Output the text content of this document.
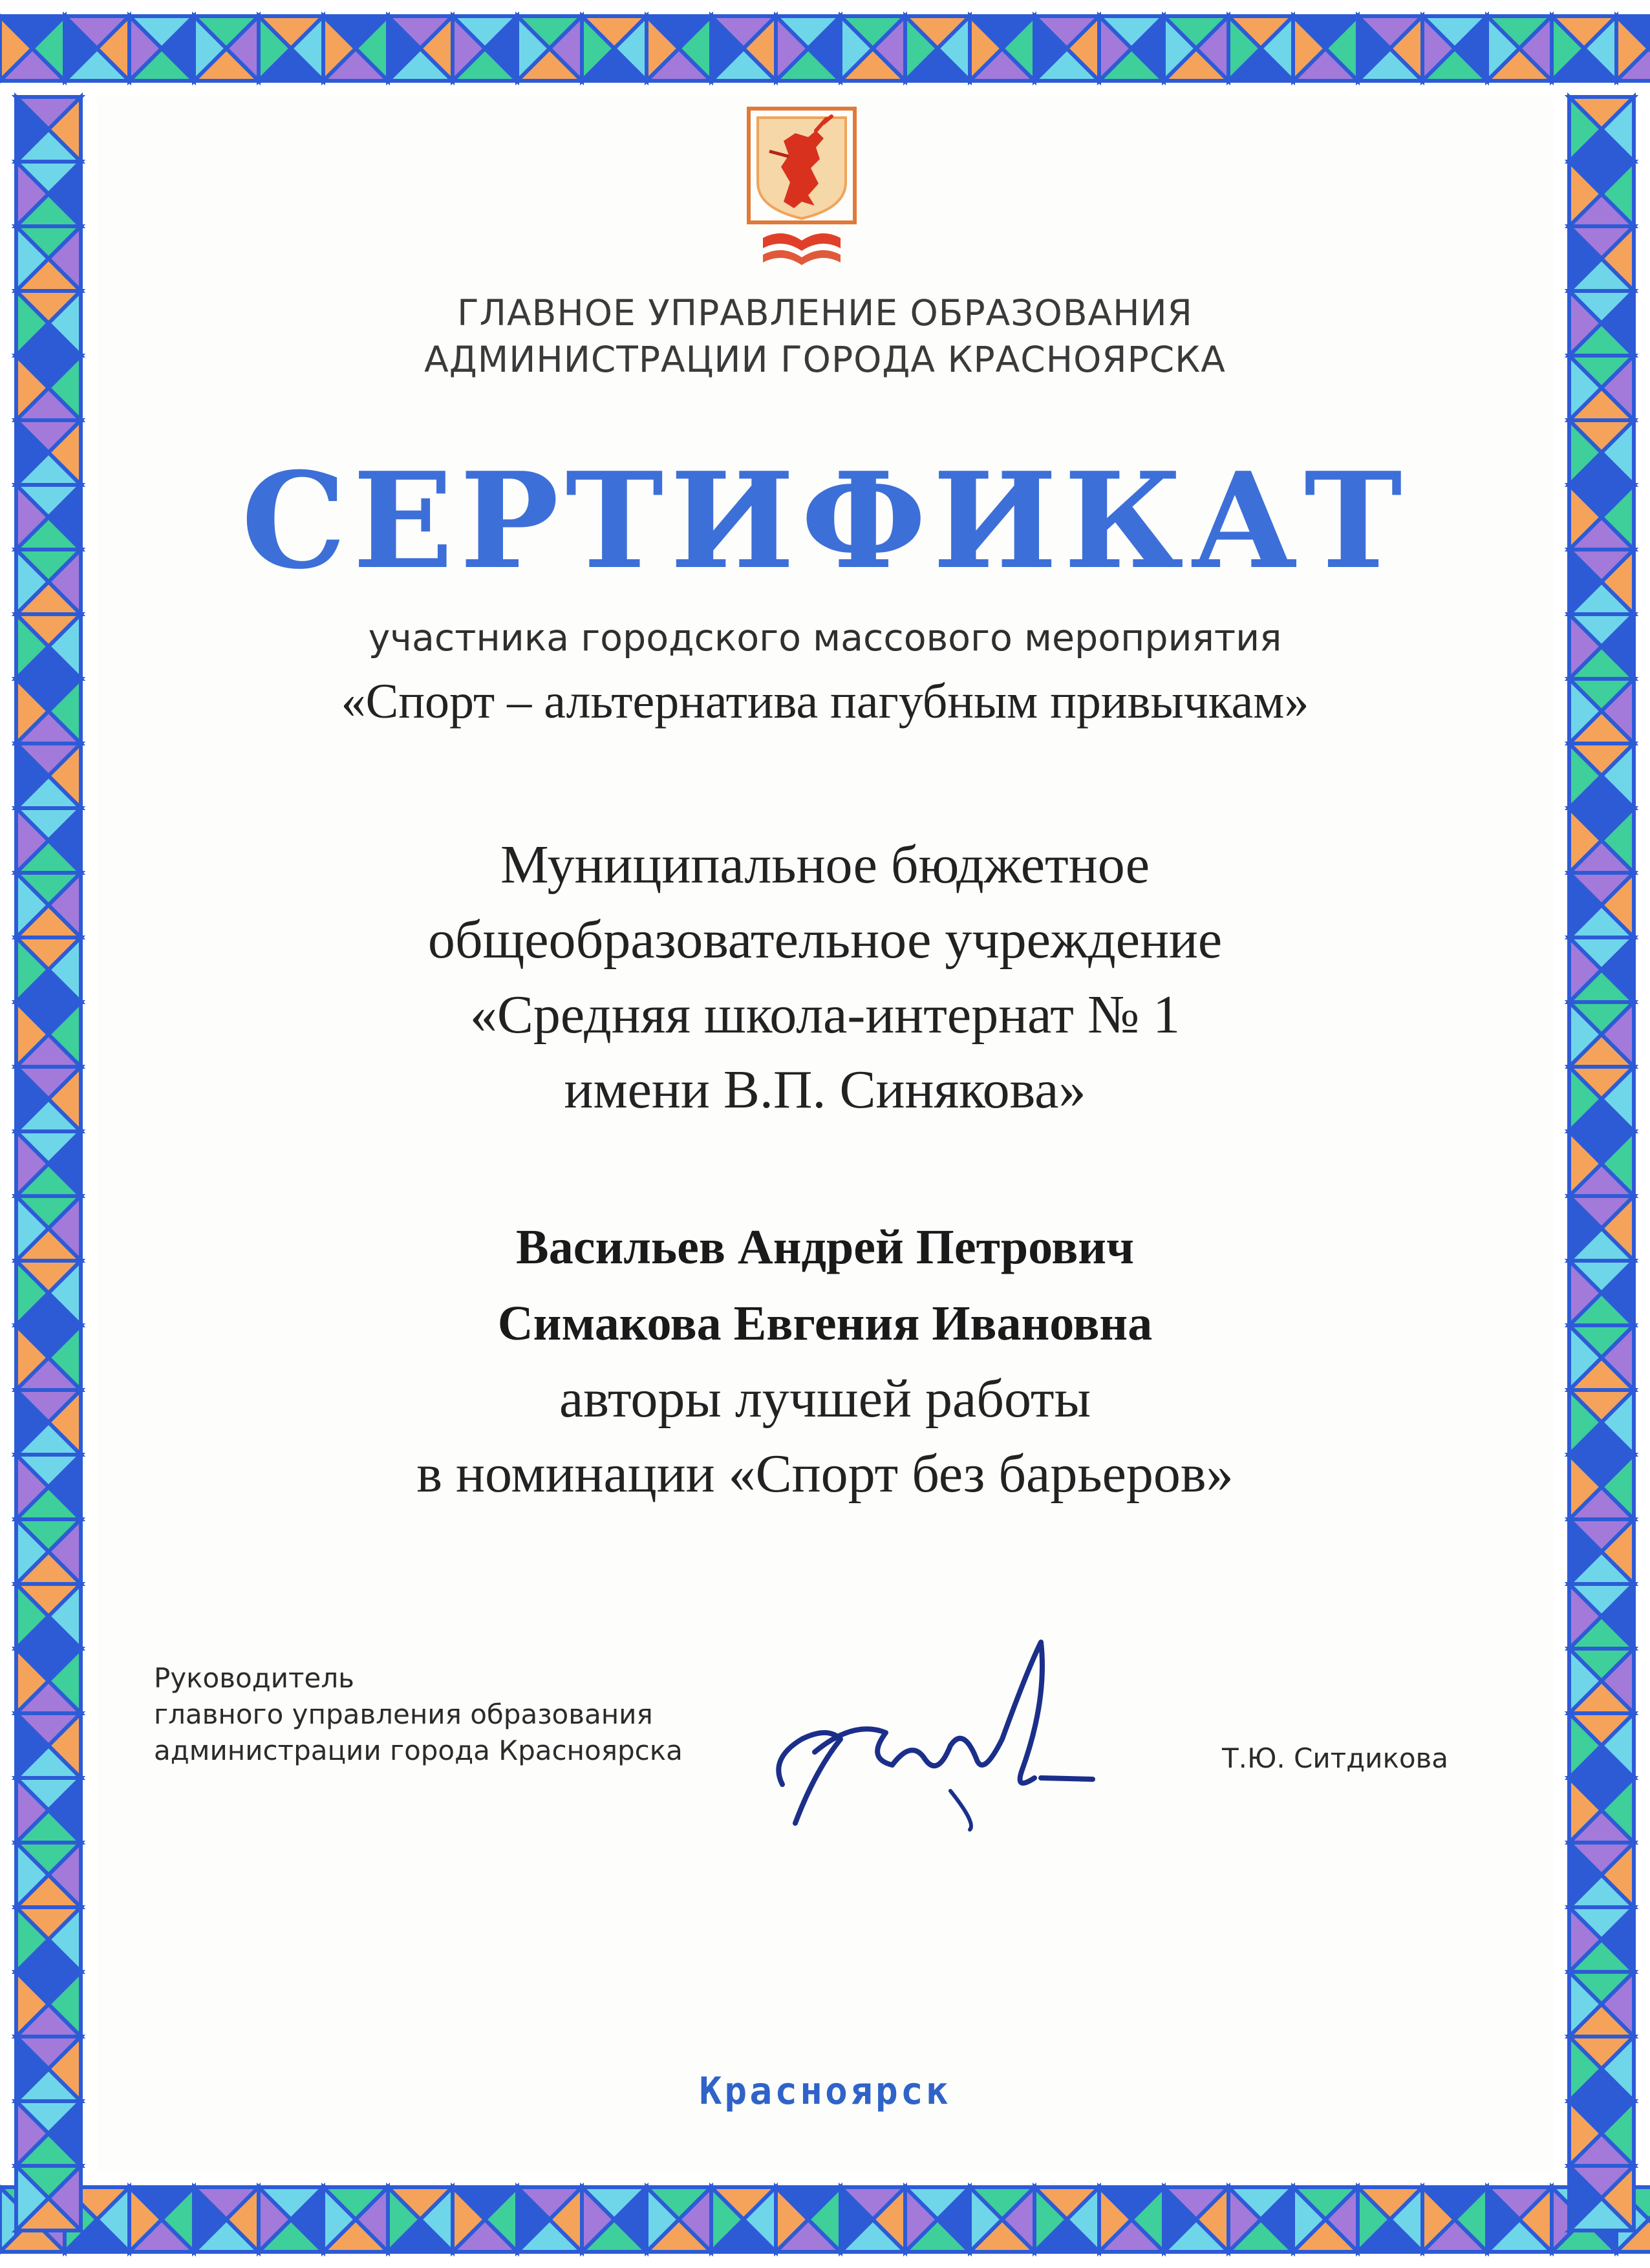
ГЛАВНОЕ УПРАВЛЕНИЕ ОБРАЗОВАНИЯ
АДМИНИСТРАЦИИ ГОРОДА КРАСНОЯРСКА
СЕРТИФИКАТ
участника городского массового мероприятия
«Спорт – альтернатива пагубным привычкам»
Муниципальное бюджетное
общеобразовательное учреждение
«Средняя школа-интернат № 1
имени В.П. Синякова»
Васильев Андрей Петрович
Симакова Евгения Ивановна
авторы лучшей работы
в номинации «Спорт без барьеров»
Руководитель
главного управления образования
администрации города Красноярска	Т.Ю. Ситдикова
Красноярск
